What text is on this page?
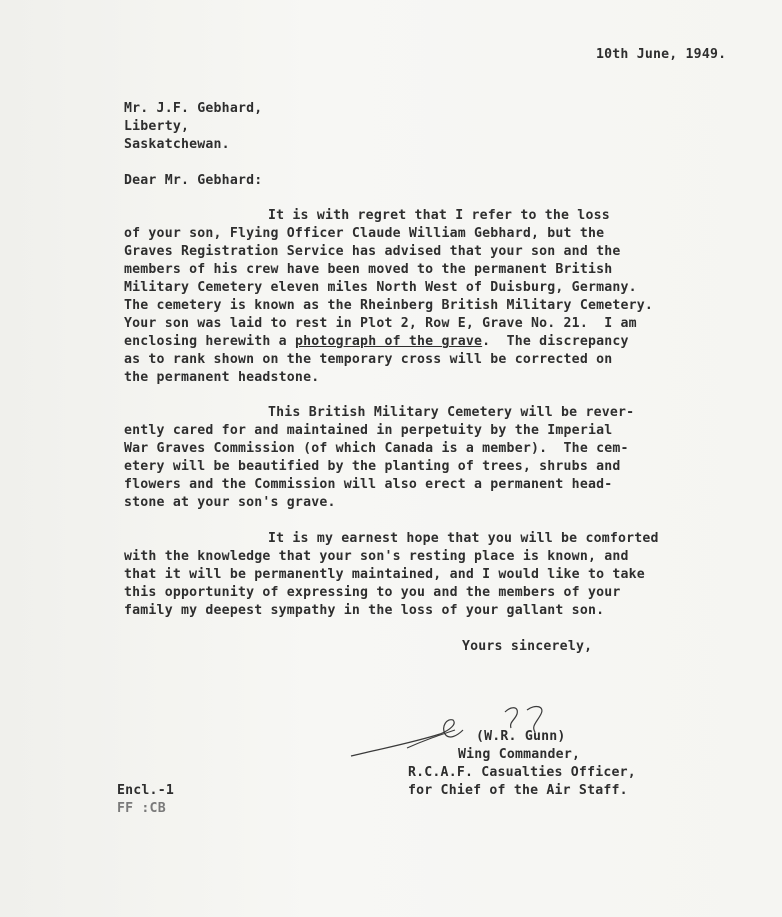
10th June, 1949.
Mr. J.F. Gebhard,
Liberty,
Saskatchewan.
Dear Mr. Gebhard:
It is with regret that I refer to the loss
of your son, Flying Officer Claude William Gebhard, but the
Graves Registration Service has advised that your son and the
members of his crew have been moved to the permanent British
Military Cemetery eleven miles North West of Duisburg, Germany.
The cemetery is known as the Rheinberg British Military Cemetery.
Your son was laid to rest in Plot 2, Row E, Grave No. 21.  I am
enclosing herewith a photograph of the grave.  The discrepancy
as to rank shown on the temporary cross will be corrected on
the permanent headstone.
This British Military Cemetery will be rever-
ently cared for and maintained in perpetuity by the Imperial
War Graves Commission (of which Canada is a member).  The cem-
etery will be beautified by the planting of trees, shrubs and
flowers and the Commission will also erect a permanent head-
stone at your son's grave.
It is my earnest hope that you will be comforted
with the knowledge that your son's resting place is known, and
that it will be permanently maintained, and I would like to take
this opportunity of expressing to you and the members of your
family my deepest sympathy in the loss of your gallant son.
Yours sincerely,
(W.R. Gunn)
Wing Commander,
R.C.A.F. Casualties Officer,
for Chief of the Air Staff.
Encl.-1
FF :CB
